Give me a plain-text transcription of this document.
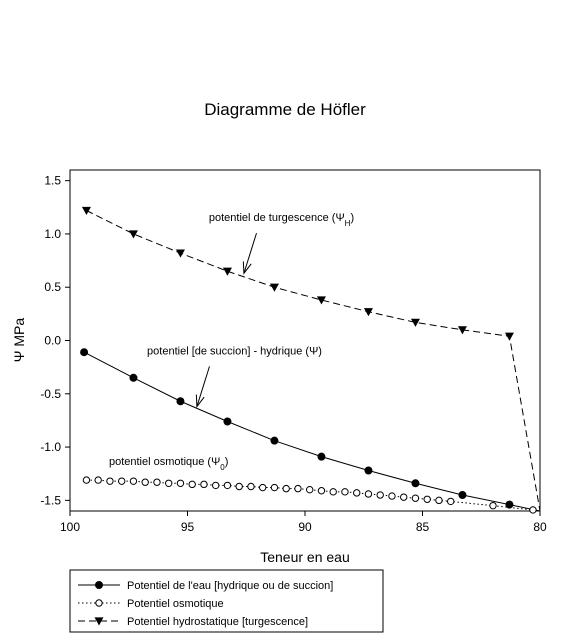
Diagramme de Höfler
100	95	90	85	80
1.5
1.0
0.5
0.0
-0.5
-1.0
-1.5
Teneur en eau
Ψ MPa
potentiel de turgescence $(\Psi_H)$
potentiel [de succion] - hydrique (Ψ)
potentiel osmotique $(\Psi_0)$
Potentiel de l'eau [hydrique ou de succion]
Potentiel osmotique
Potentiel hydrostatique [turgescence]
